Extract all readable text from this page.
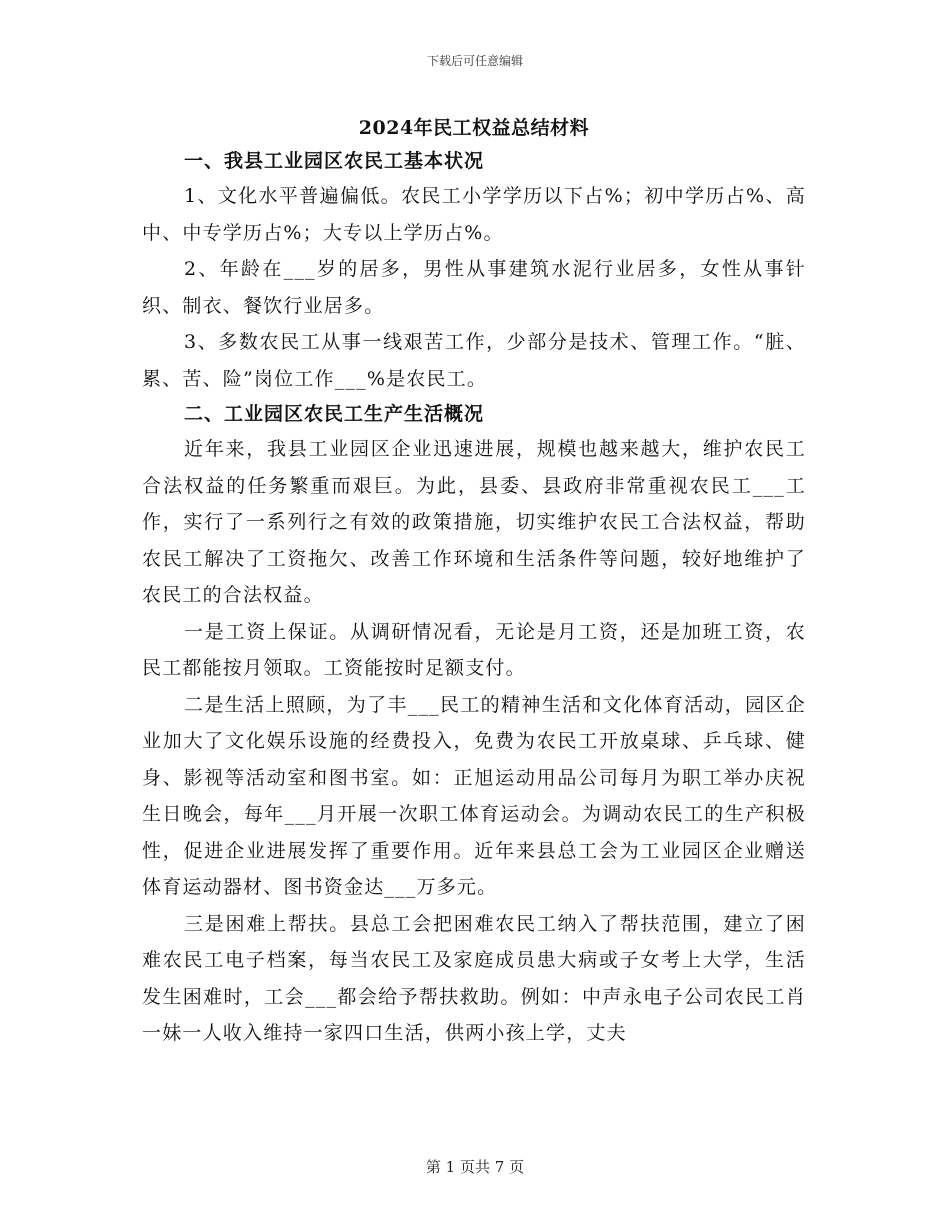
下载后可任意编辑
2024年民工权益总结材料
一、我县工业园区农民工基本状况

1、文化水平普遍偏低。农民工小学学历以下占%；初中学历占%、高中、中专学历占%；大专以上学历占%。

2、年龄在___岁的居多，男性从事建筑水泥行业居多，女性从事针织、制衣、餐饮行业居多。

3、多数农民工从事一线艰苦工作，少部分是技术、管理工作。“脏、累、苦、险”岗位工作___%是农民工。

二、工业园区农民工生产生活概况

近年来，我县工业园区企业迅速进展，规模也越来越大，维护农民工合法权益的任务繁重而艰巨。为此，县委、县政府非常重视农民工___工作，实行了一系列行之有效的政策措施，切实维护农民工合法权益，帮助农民工解决了工资拖欠、改善工作环境和生活条件等问题，较好地维护了农民工的合法权益。

一是工资上保证。从调研情况看，无论是月工资，还是加班工资，农民工都能按月领取。工资能按时足额支付。

二是生活上照顾，为了丰___民工的精神生活和文化体育活动，园区企业加大了文化娱乐设施的经费投入，免费为农民工开放桌球、乒乓球、健身、影视等活动室和图书室。如：正旭运动用品公司每月为职工举办庆祝生日晚会，每年___月开展一次职工体育运动会。为调动农民工的生产积极性，促进企业进展发挥了重要作用。近年来县总工会为工业园区企业赠送体育运动器材、图书资金达___万多元。

三是困难上帮扶。县总工会把困难农民工纳入了帮扶范围，建立了困难农民工电子档案，每当农民工及家庭成员患大病或子女考上大学，生活发生困难时，工会___都会给予帮扶救助。例如：中声永电子公司农民工肖一妹一人收入维持一家四口生活，供两小孩上学，丈夫

第 1 页共 7 页
